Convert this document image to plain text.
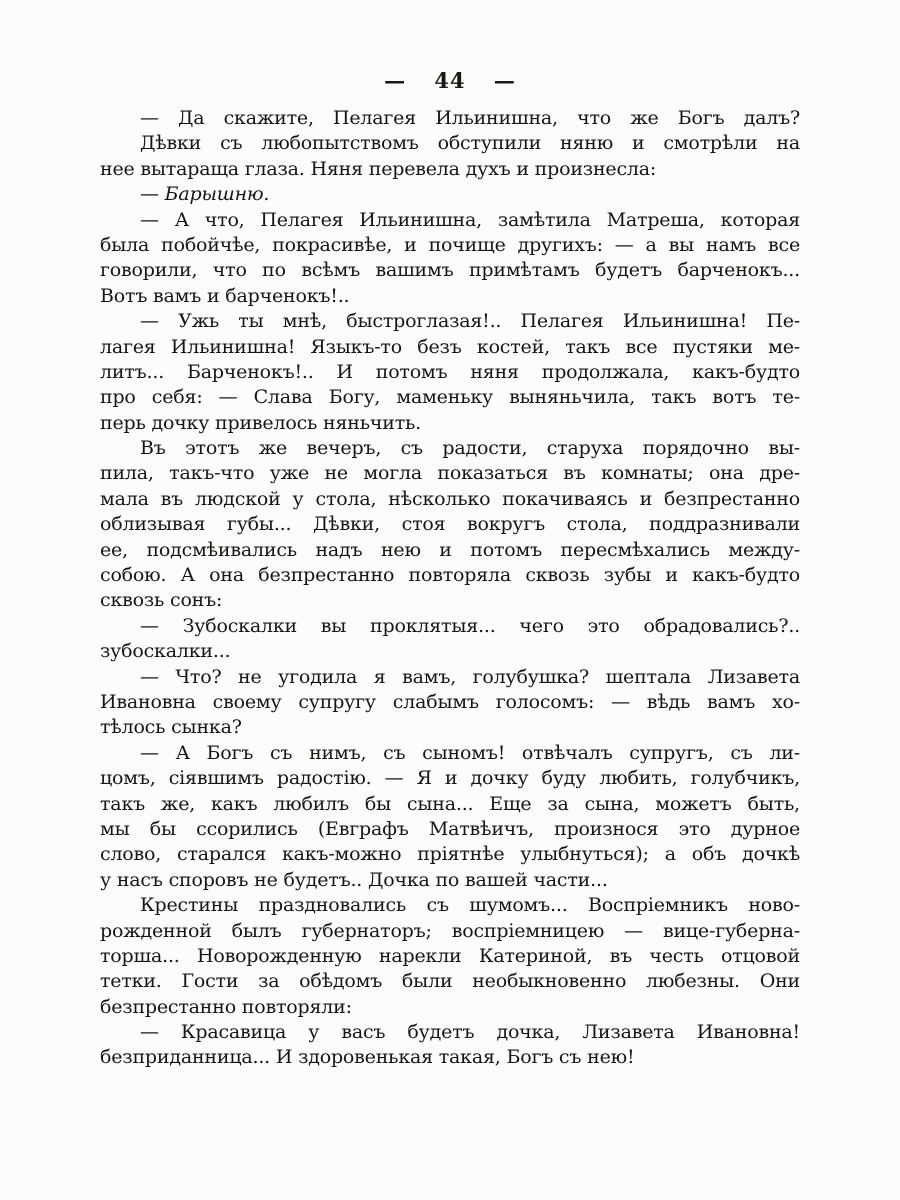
— 44 —
— Да скажите, Пелагея Ильинишна, что же Богъ далъ?
Дѣвки съ любопытствомъ обступили няню и смотрѣли на
нее вытараща глаза. Няня перевела духъ и произнесла:
— Барышню.
— А что, Пелагея Ильинишна, замѣтила Матреша, которая
была побойчѣе, покрасивѣе, и почище другихъ: — а вы намъ все
говорили, что по всѣмъ вашимъ примѣтамъ будетъ барченокъ...
Вотъ вамъ и барченокъ!..
— Ужь ты мнѣ, быстроглазая!.. Пелагея Ильинишна! Пе-
лагея Ильинишна! Языкъ-то безъ костей, такъ все пустяки ме-
литъ... Барченокъ!.. И потомъ няня продолжала, какъ-будто
про себя: — Слава Богу, маменьку выняньчила, такъ вотъ те-
перь дочку привелось няньчить.
Въ этотъ же вечеръ, съ радости, старуха порядочно вы-
пила, такъ-что уже не могла показаться въ комнаты; она дре-
мала въ людской у стола, нѣсколько покачиваясь и безпрестанно
облизывая губы... Дѣвки, стоя вокругъ стола, поддразнивали
ее, подсмѣивались надъ нею и потомъ пересмѣхались между-
собою. А она безпрестанно повторяла сквозь зубы и какъ-будто
сквозь сонъ:
— Зубоскалки вы проклятыя... чего это обрадовались?..
зубоскалки...
— Что? не угодила я вамъ, голубушка? шептала Лизавета
Ивановна своему супругу слабымъ голосомъ: — вѣдь вамъ хо-
тѣлось сынка?
— А Богъ съ нимъ, съ сыномъ! отвѣчалъ супругъ, съ ли-
цомъ, сіявшимъ радостію. — Я и дочку буду любить, голубчикъ,
такъ же, какъ любилъ бы сына... Еще за сына, можетъ быть,
мы бы ссорились (Евграфъ Матвѣичъ, произнося это дурное
слово, старался какъ-можно пріятнѣе улыбнуться); а объ дочкѣ
у насъ споровъ не будетъ.. Дочка по вашей части...
Крестины праздновались съ шумомъ... Воспріемникъ ново-
рожденной былъ губернаторъ; воспріемницею — вице-губерна-
торша... Новорожденную нарекли Катериной, въ честь отцовой
тетки. Гости за обѣдомъ были необыкновенно любезны. Они
безпрестанно повторяли:
— Красавица у васъ будетъ дочка, Лизавета Ивановна!
безприданница... И здоровенькая такая, Богъ съ нею!
